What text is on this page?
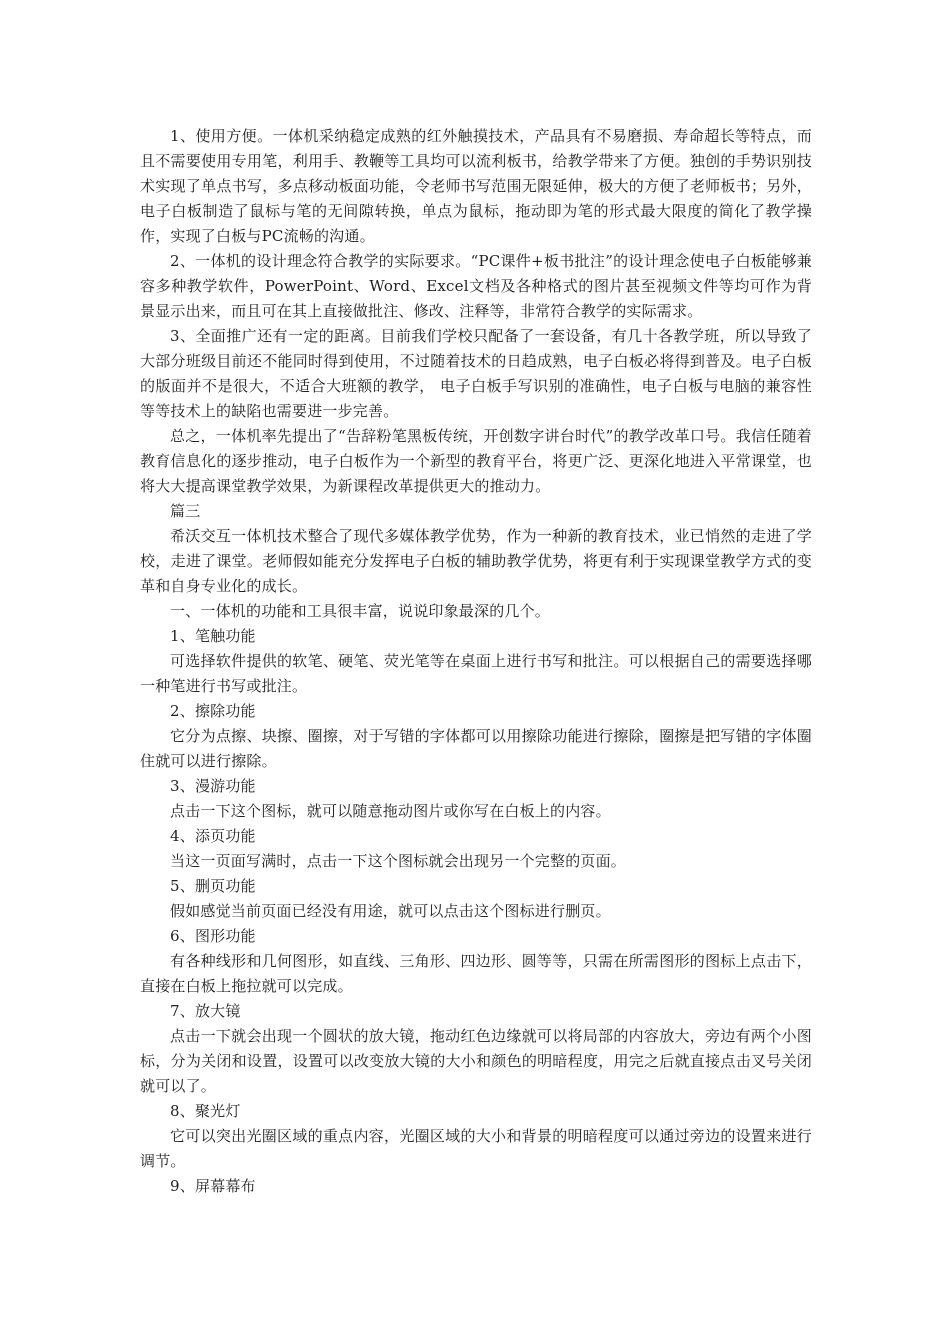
1、使用方便。一体机采纳稳定成熟的红外触摸技术，产品具有不易磨损、寿命超长等特点，而且不需要使用专用笔，利用手、教鞭等工具均可以流利板书，给教学带来了方便。独创的手势识别技术实现了单点书写，多点移动板面功能，令老师书写范围无限延伸，极大的方便了老师板书；另外，电子白板制造了鼠标与笔的无间隙转换，单点为鼠标，拖动即为笔的形式最大限度的简化了教学操作，实现了白板与PC流畅的沟通。

2、一体机的设计理念符合教学的实际要求。“PC课件+板书批注”的设计理念使电子白板能够兼容多种教学软件，PowerPoint、Word、Excel文档及各种格式的图片甚至视频文件等均可作为背景显示出来，而且可在其上直接做批注、修改、注释等，非常符合教学的实际需求。

3、全面推广还有一定的距离。目前我们学校只配备了一套设备，有几十各教学班，所以导致了大部分班级目前还不能同时得到使用，不过随着技术的日趋成熟，电子白板必将得到普及。电子白板的版面并不是很大，不适合大班额的教学， 电子白板手写识别的准确性，电子白板与电脑的兼容性等等技术上的缺陷也需要进一步完善。

总之，一体机率先提出了“告辞粉笔黑板传统，开创数字讲台时代”的教学改革口号。我信任随着教育信息化的逐步推动，电子白板作为一个新型的教育平台，将更广泛、更深化地进入平常课堂，也将大大提高课堂教学效果，为新课程改革提供更大的推动力。

篇三

希沃交互一体机技术整合了现代多媒体教学优势，作为一种新的教育技术，业已悄然的走进了学校，走进了课堂。老师假如能充分发挥电子白板的辅助教学优势，将更有利于实现课堂教学方式的变革和自身专业化的成长。

一、一体机的功能和工具很丰富，说说印象最深的几个。

1、笔触功能

可选择软件提供的软笔、硬笔、荧光笔等在桌面上进行书写和批注。可以根据自己的需要选择哪一种笔进行书写或批注。

2、擦除功能

它分为点擦、块擦、圈擦，对于写错的字体都可以用擦除功能进行擦除，圈擦是把写错的字体圈住就可以进行擦除。

3、漫游功能

点击一下这个图标，就可以随意拖动图片或你写在白板上的内容。

4、添页功能

当这一页面写满时，点击一下这个图标就会出现另一个完整的页面。

5、删页功能

假如感觉当前页面已经没有用途，就可以点击这个图标进行删页。

6、图形功能

有各种线形和几何图形，如直线、三角形、四边形、圆等等，只需在所需图形的图标上点击下，直接在白板上拖拉就可以完成。

7、放大镜

点击一下就会出现一个圆状的放大镜，拖动红色边缘就可以将局部的内容放大，旁边有两个小图标，分为关闭和设置，设置可以改变放大镜的大小和颜色的明暗程度，用完之后就直接点击叉号关闭就可以了。

8、聚光灯

它可以突出光圈区域的重点内容，光圈区域的大小和背景的明暗程度可以通过旁边的设置来进行调节。

9、屏幕幕布
